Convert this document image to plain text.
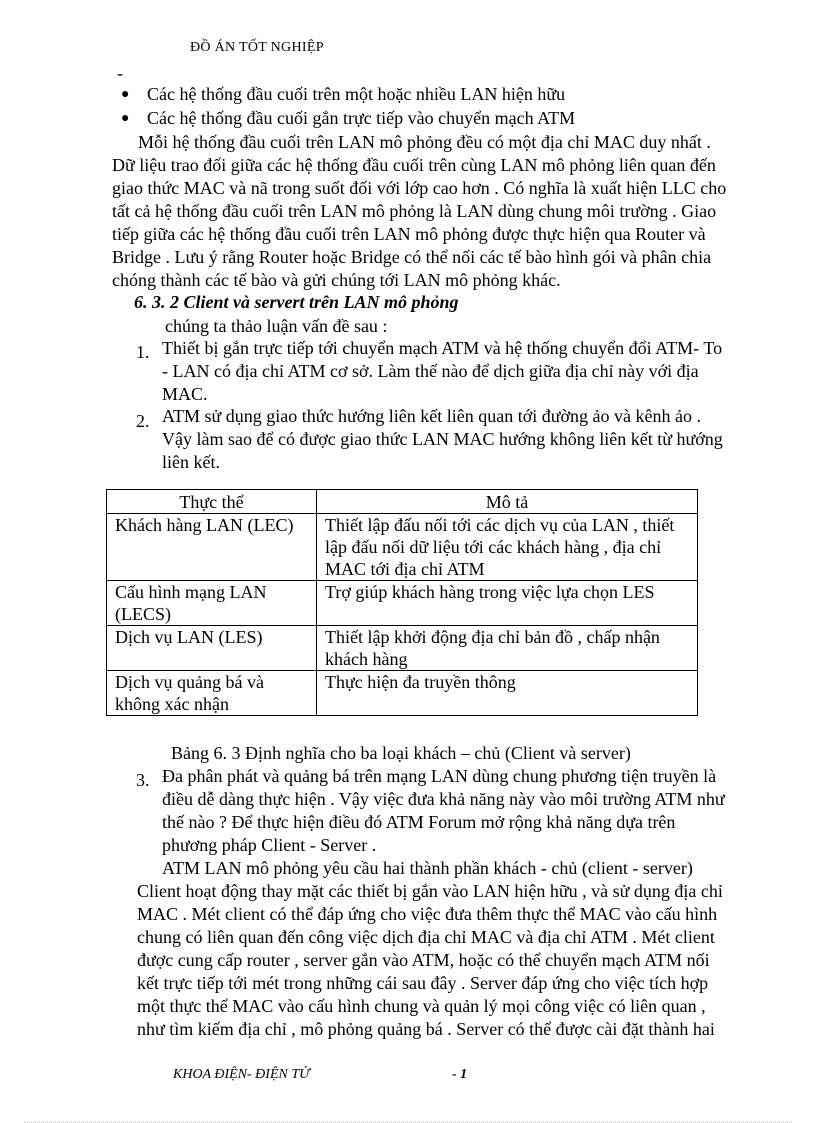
ĐỒ ÁN TỐT NGHIỆP
-
● Các hệ thống đầu cuối trên một hoặc nhiều LAN hiện hữu
● Các hệ thống đầu cuối gắn trực tiếp vào chuyển mạch ATM
Mỗi hệ thống đầu cuối trên LAN mô phỏng đều có một địa chỉ MAC duy nhất .
Dữ liệu trao đổi giữa các hệ thống đầu cuối trên cùng LAN mô phỏng liên quan đến
giao thức MAC và nã trong suốt đối với lớp cao hơn . Có nghĩa là xuất hiện LLC cho
tất cả hệ thống đầu cuối trên LAN mô phỏng là LAN dùng chung môi trường . Giao
tiếp giữa các hệ thống đầu cuối trên LAN mô phỏng được thực hiện qua Router và
Bridge . Lưu ý rằng Router hoặc Bridge có thể nối các tế bào hình gói và phân chia
chóng thành các tế bào và gửi chúng tới LAN mô phỏng khác.
6. 3. 2 Client và servert trên LAN mô phỏng
chúng ta thảo luận vấn đề sau :
1. Thiết bị gắn trực tiếp tới chuyển mạch ATM và hệ thống chuyển đổi ATM- To
- LAN có địa chỉ ATM cơ sở. Làm thế nào để dịch giữa địa chỉ này với địa
MAC.
2. ATM sử dụng giao thức hướng liên kết liên quan tới đường ảo và kênh ảo .
Vậy làm sao để có được giao thức LAN MAC hướng không liên kết từ hướng
liên kết.
Thực thể	Mô tả

Khách hàng LAN (LEC)	Thiết lập đấu nối tới các dịch vụ của LAN , thiết
lập đấu nối dữ liệu tới các khách hàng , địa chỉ
MAC tới địa chỉ ATM

Cấu hình mạng LAN
(LECS)	Trợ giúp khách hàng trong việc lựa chọn LES

Dịch vụ LAN (LES)	Thiết lập khởi động địa chỉ bản đồ , chấp nhận
khách hàng

Dịch vụ quảng bá và
không xác nhận	Thực hiện đa truyền thông
Bảng 6. 3 Định nghĩa cho ba loại khách – chủ (Client và server)
3. Đa phân phát và quảng bá trên mạng LAN dùng chung phương tiện truyền là
điều dễ dàng thực hiện . Vậy việc đưa khả năng này vào môi trường ATM như
thế nào ? Để thực hiện điều đó ATM Forum mở rộng khả năng dựa trên
phương pháp Client - Server .
ATM LAN mô phỏng yêu cầu hai thành phần khách - chủ (client - server)
Client hoạt động thay mặt các thiết bị gắn vào LAN hiện hữu , và sử dụng địa chỉ
MAC . Mét client có thể đáp ứng cho việc đưa thêm thực thể MAC vào cấu hình
chung có liên quan đến công việc dịch địa chỉ MAC và địa chỉ ATM . Mét client
được cung cấp router , server gắn vào ATM, hoặc có thể chuyển mạch ATM nối
kết trực tiếp tới mét trong những cái sau đây . Server đáp ứng cho việc tích hợp
một thực thể MAC vào cấu hình chung và quản lý mọi công việc có liên quan ,
như tìm kiếm địa chỉ , mô phỏng quảng bá . Server có thể được cài đặt thành hai
KHOA ĐIỆN- ĐIỆN TỬ	- 1
